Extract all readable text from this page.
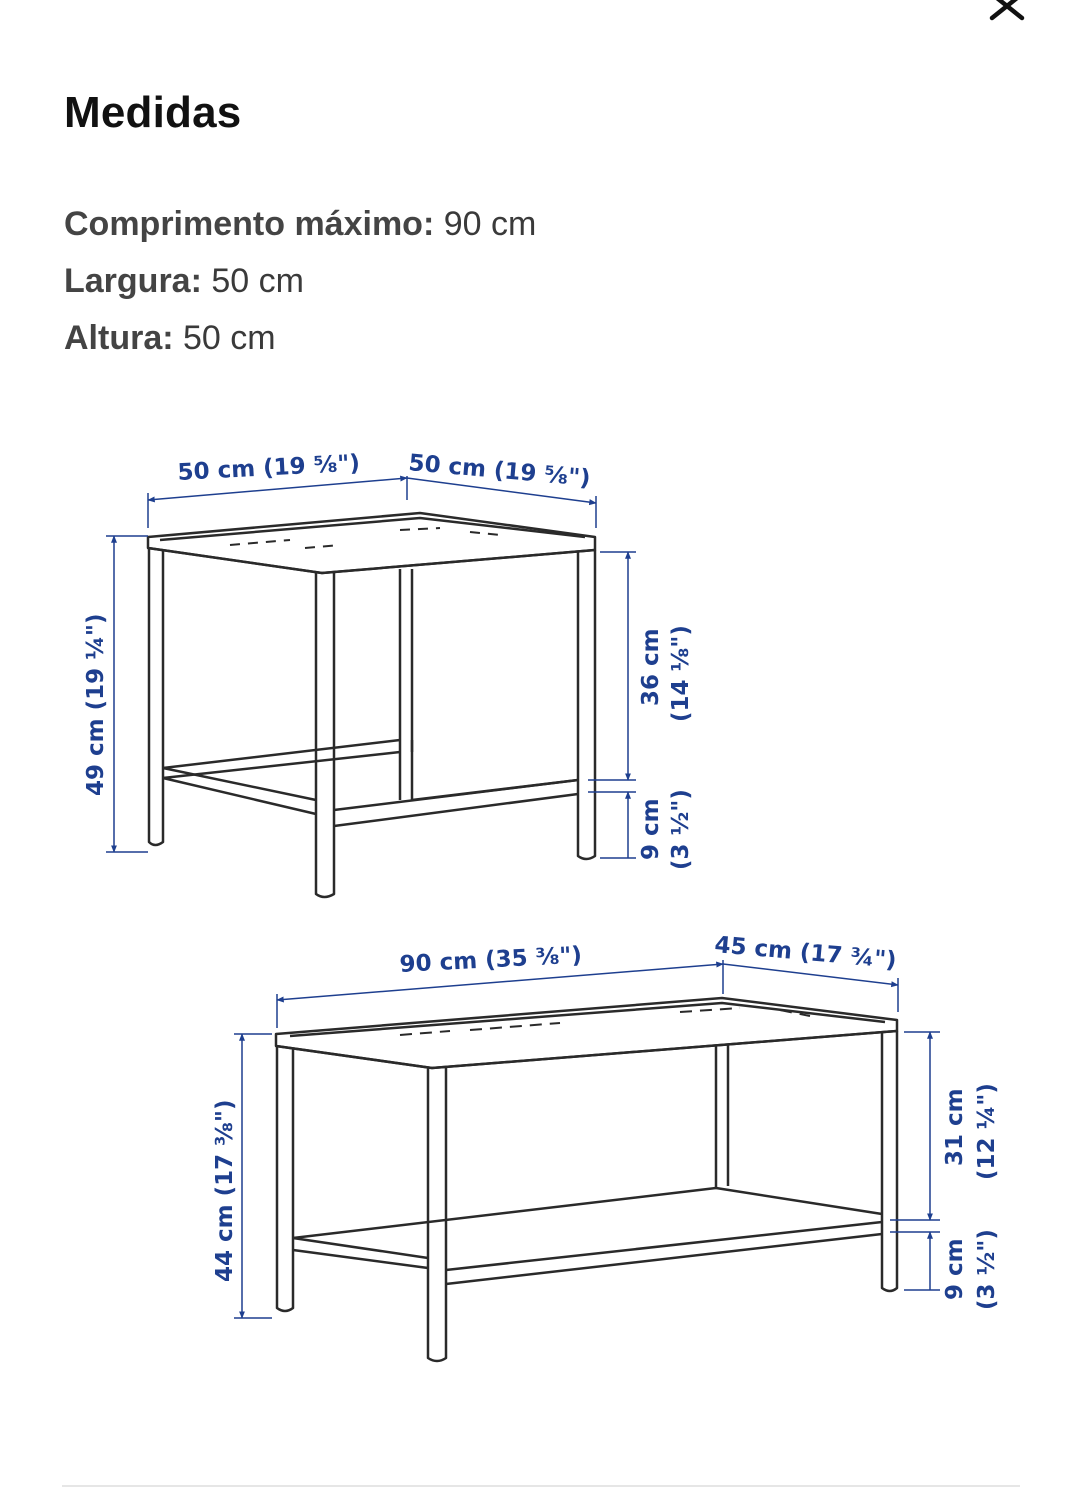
Medidas
Comprimento máximo: 90 cm
Largura: 50 cm
Altura: 50 cm
50 cm (19 ⅝") 50 cm (19 ⅝")
49 cm (19 ¼")	36 cm (14 ⅛")
9 cm (3 ½")
90 cm (35 ⅜")	45 cm (17 ¾")
44 cm (17 ⅜")	31 cm (12 ¼")
9 cm (3 ½")
